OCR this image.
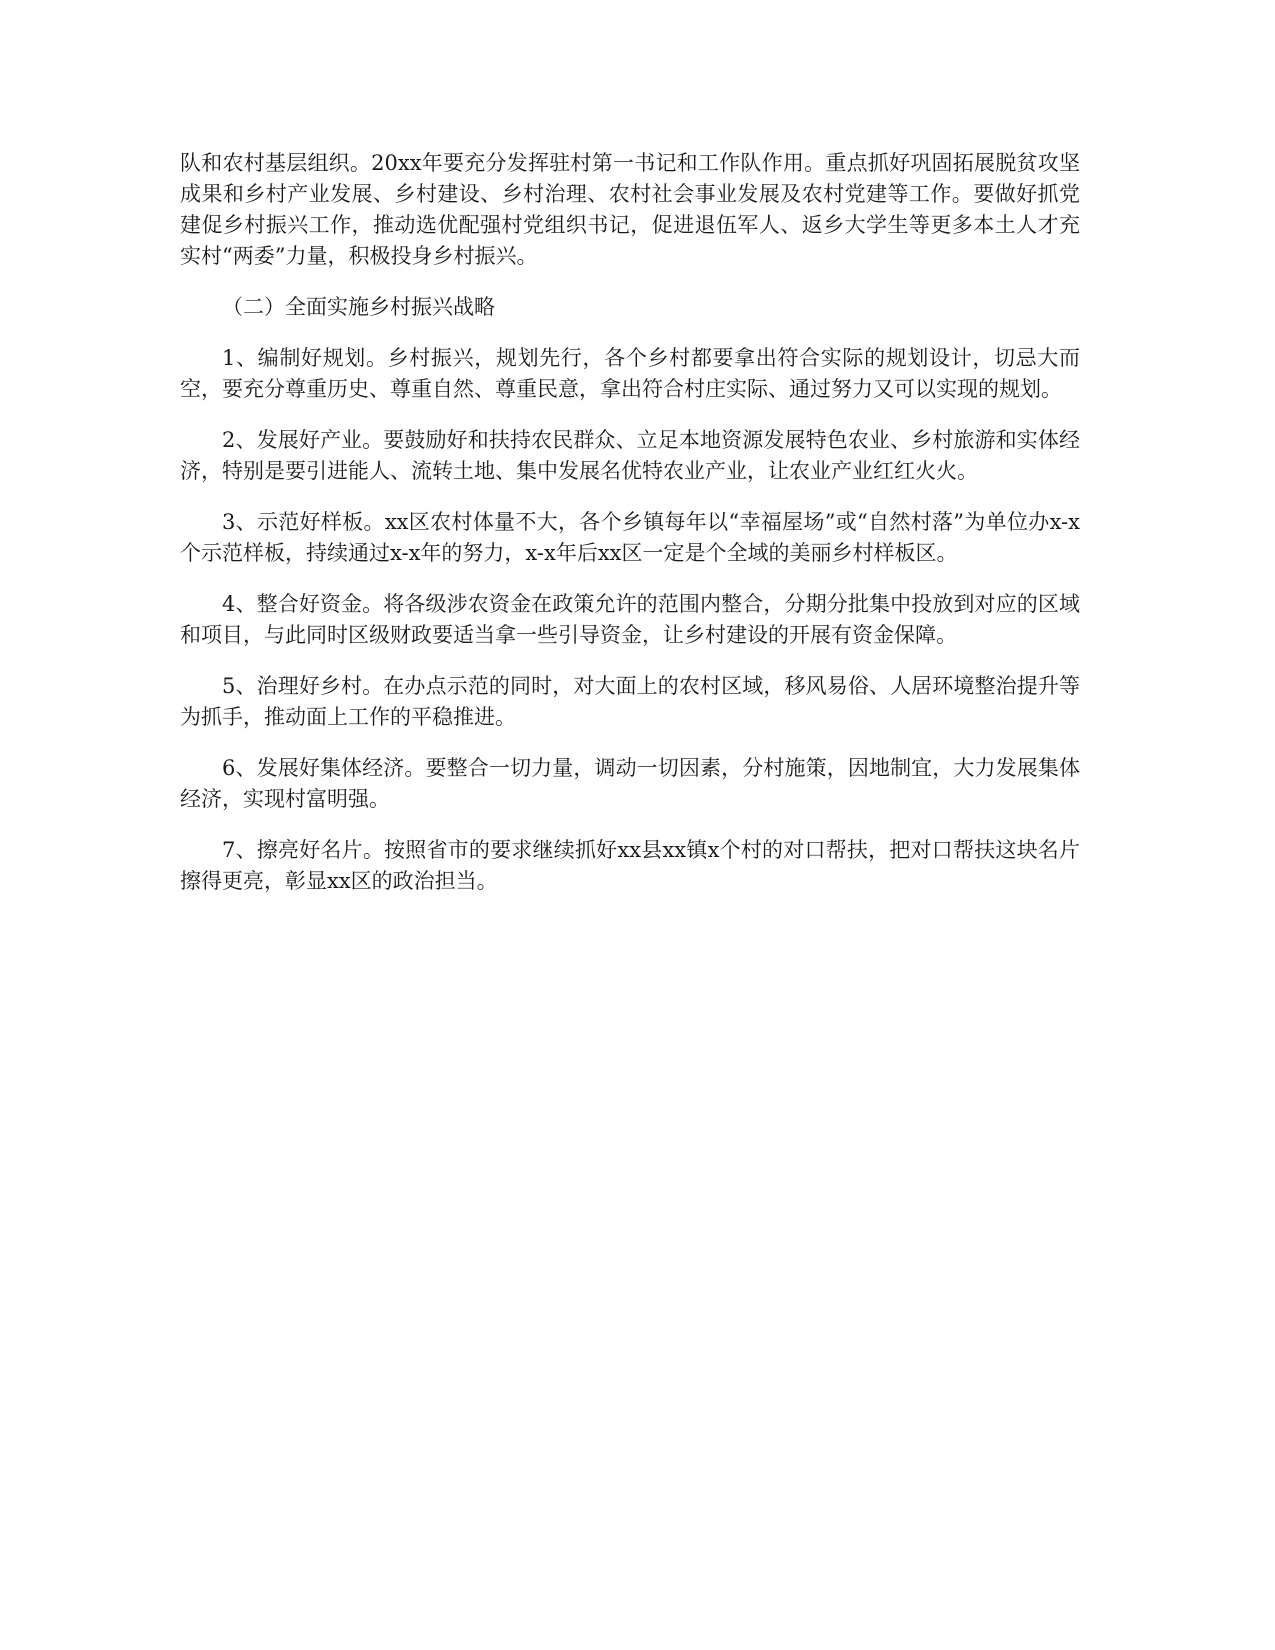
队和农村基层组织。20xx年要充分发挥驻村第一书记和工作队作用。重点抓好巩固拓展脱贫攻坚成果和乡村产业发展、乡村建设、乡村治理、农村社会事业发展及农村党建等工作。要做好抓党建促乡村振兴工作，推动选优配强村党组织书记，促进退伍军人、返乡大学生等更多本土人才充实村“两委”力量，积极投身乡村振兴。

（二）全面实施乡村振兴战略

1、编制好规划。乡村振兴，规划先行，各个乡村都要拿出符合实际的规划设计，切忌大而空，要充分尊重历史、尊重自然、尊重民意，拿出符合村庄实际、通过努力又可以实现的规划。

2、发展好产业。要鼓励好和扶持农民群众、立足本地资源发展特色农业、乡村旅游和实体经济，特别是要引进能人、流转土地、集中发展名优特农业产业，让农业产业红红火火。

3、示范好样板。xx区农村体量不大，各个乡镇每年以“幸福屋场”或“自然村落”为单位办x-x个示范样板，持续通过x-x年的努力，x-x年后xx区一定是个全域的美丽乡村样板区。

4、整合好资金。将各级涉农资金在政策允许的范围内整合，分期分批集中投放到对应的区域和项目，与此同时区级财政要适当拿一些引导资金，让乡村建设的开展有资金保障。

5、治理好乡村。在办点示范的同时，对大面上的农村区域，移风易俗、人居环境整治提升等为抓手，推动面上工作的平稳推进。

6、发展好集体经济。要整合一切力量，调动一切因素，分村施策，因地制宜，大力发展集体经济，实现村富明强。

7、擦亮好名片。按照省市的要求继续抓好xx县xx镇x个村的对口帮扶，把对口帮扶这块名片擦得更亮，彰显xx区的政治担当。
